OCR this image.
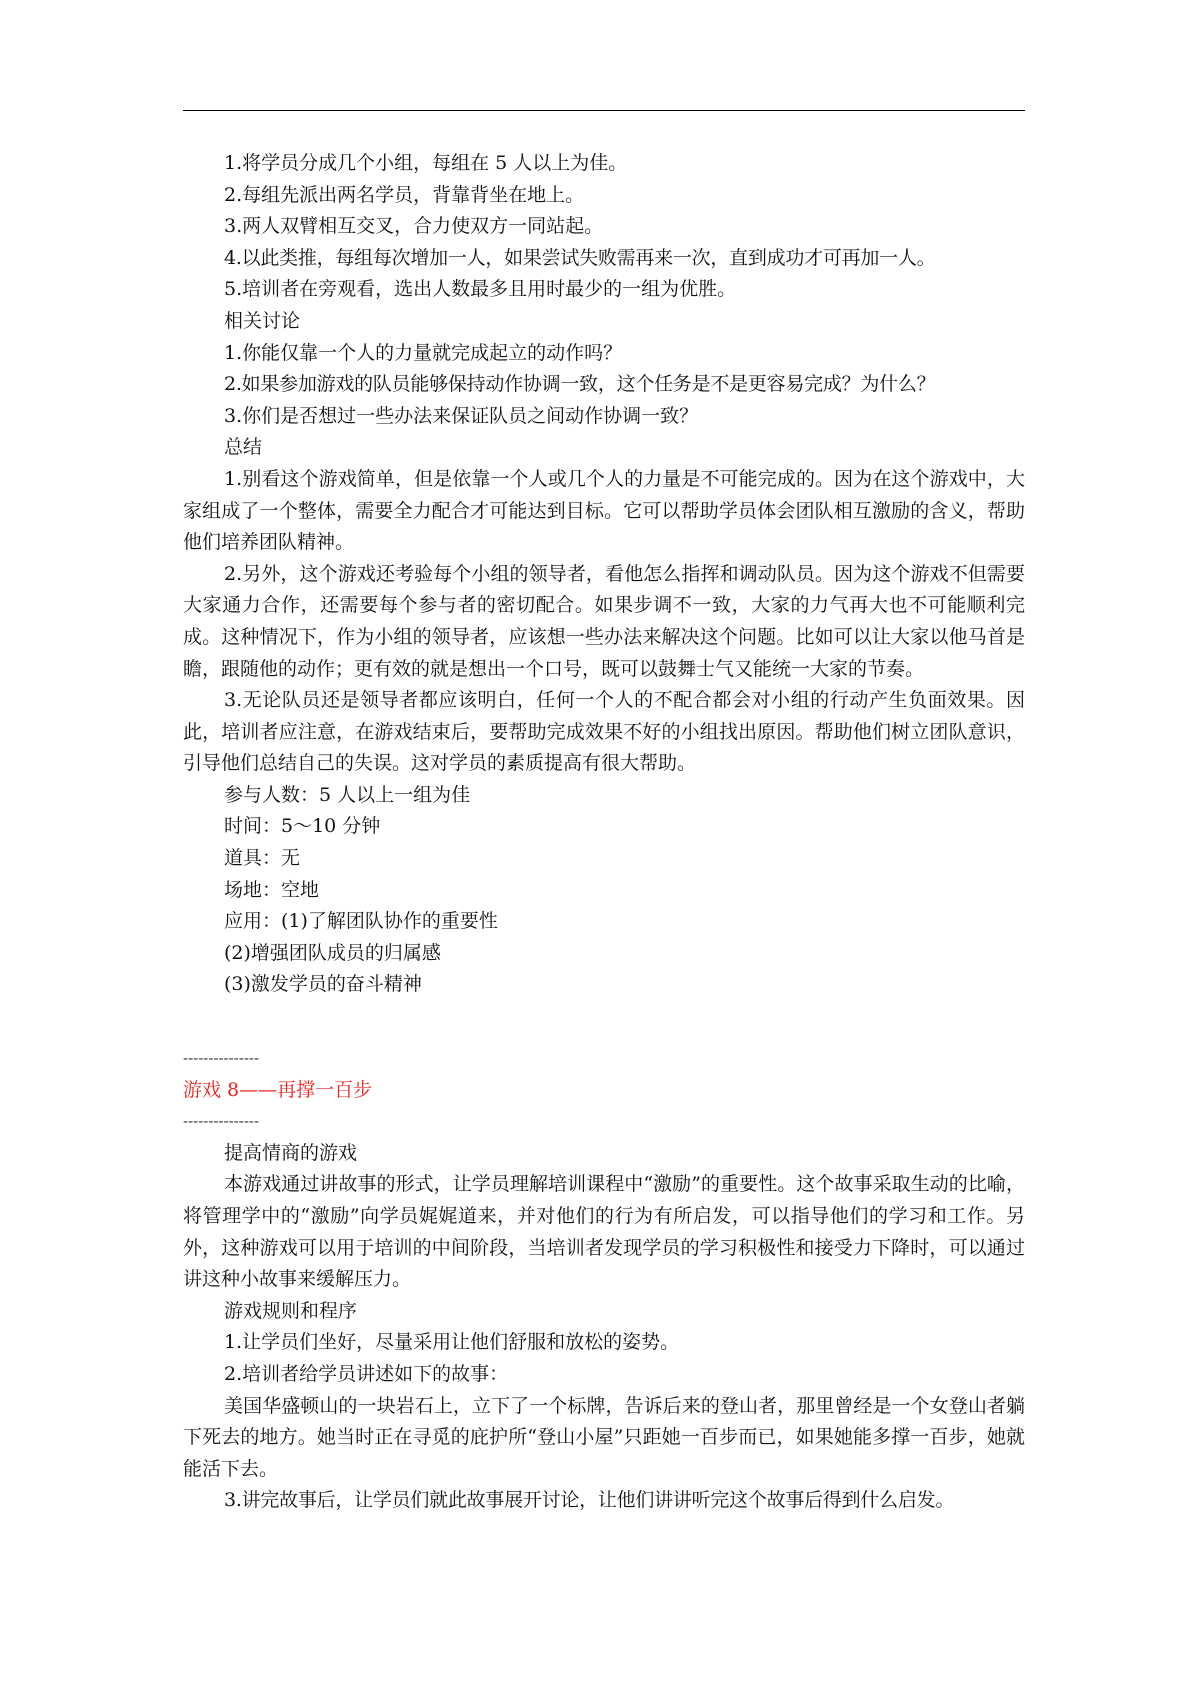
1.将学员分成几个小组，每组在 5 人以上为佳。

2.每组先派出两名学员，背靠背坐在地上。

3.两人双臂相互交叉，合力使双方一同站起。

4.以此类推，每组每次增加一人，如果尝试失败需再来一次，直到成功才可再加一人。

5.培训者在旁观看，选出人数最多且用时最少的一组为优胜。

相关讨论

1.你能仅靠一个人的力量就完成起立的动作吗？

2.如果参加游戏的队员能够保持动作协调一致，这个任务是不是更容易完成？为什么？

3.你们是否想过一些办法来保证队员之间动作协调一致？

总结

1.别看这个游戏简单，但是依靠一个人或几个人的力量是不可能完成的。因为在这个游戏中，大家组成了一个整体，需要全力配合才可能达到目标。它可以帮助学员体会团队相互激励的含义，帮助他们培养团队精神。

2.另外，这个游戏还考验每个小组的领导者，看他怎么指挥和调动队员。因为这个游戏不但需要大家通力合作，还需要每个参与者的密切配合。如果步调不一致，大家的力气再大也不可能顺利完成。这种情况下，作为小组的领导者，应该想一些办法来解决这个问题。比如可以让大家以他马首是瞻，跟随他的动作；更有效的就是想出一个口号，既可以鼓舞士气又能统一大家的节奏。

3.无论队员还是领导者都应该明白，任何一个人的不配合都会对小组的行动产生负面效果。因此，培训者应注意，在游戏结束后，要帮助完成效果不好的小组找出原因。帮助他们树立团队意识，引导他们总结自己的失误。这对学员的素质提高有很大帮助。

参与人数：5 人以上一组为佳

时间：5～10 分钟

道具：无

场地：空地

应用：(1)了解团队协作的重要性

(2)增强团队成员的归属感

(3)激发学员的奋斗精神

---------------

游戏 8——再撑一百步

---------------

提高情商的游戏

本游戏通过讲故事的形式，让学员理解培训课程中“激励”的重要性。这个故事采取生动的比喻，将管理学中的“激励”向学员娓娓道来，并对他们的行为有所启发，可以指导他们的学习和工作。另外，这种游戏可以用于培训的中间阶段，当培训者发现学员的学习积极性和接受力下降时，可以通过讲这种小故事来缓解压力。

游戏规则和程序

1.让学员们坐好，尽量采用让他们舒服和放松的姿势。

2.培训者给学员讲述如下的故事：

美国华盛顿山的一块岩石上，立下了一个标牌，告诉后来的登山者，那里曾经是一个女登山者躺下死去的地方。她当时正在寻觅的庇护所“登山小屋”只距她一百步而已，如果她能多撑一百步，她就能活下去。

3.讲完故事后，让学员们就此故事展开讨论，让他们讲讲听完这个故事后得到什么启发。
